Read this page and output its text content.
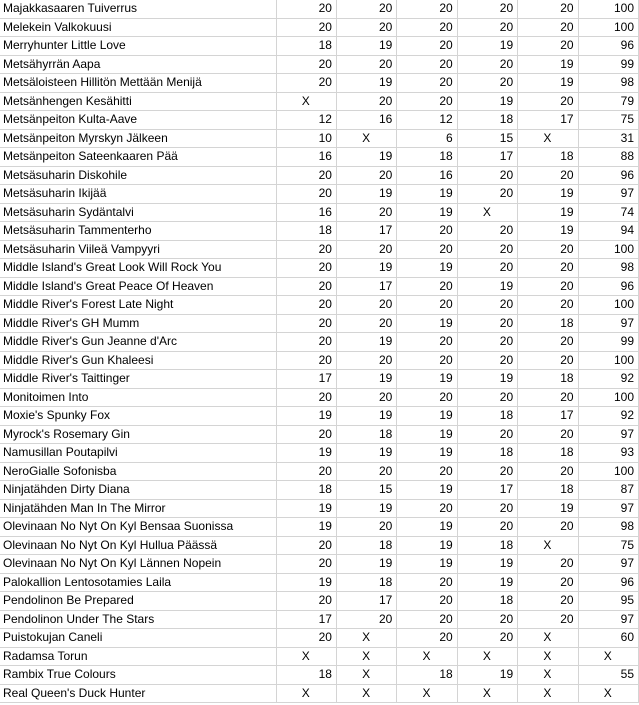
Majakkasaaren Tuiverrus	20	20	20	20	20	100
Melekein Valkokuusi	20	20	20	20	20	100
Merryhunter Little Love	18	19	20	19	20	96
Metsähyrrän Aapa	20	20	20	20	19	99
Metsäloisteen Hillitön Mettään Menijä	20	19	20	20	19	98
Metsänhengen Kesähitti	X	20	20	19	20	79
Metsänpeiton Kulta-Aave	12	16	12	18	17	75
Metsänpeiton Myrskyn Jälkeen	10	X	6	15	X	31
Metsänpeiton Sateenkaaren Pää	16	19	18	17	18	88
Metsäsuharin Diskohile	20	20	16	20	20	96
Metsäsuharin Ikijää	20	19	19	20	19	97
Metsäsuharin Sydäntalvi	16	20	19	X	19	74
Metsäsuharin Tammenterho	18	17	20	20	19	94
Metsäsuharin Viileä Vampyyri	20	20	20	20	20	100
Middle Island's Great Look Will Rock You	20	19	19	20	20	98
Middle Island's Great Peace Of Heaven	20	17	20	19	20	96
Middle River's Forest Late Night	20	20	20	20	20	100
Middle River's GH Mumm	20	20	19	20	18	97
Middle River's Gun Jeanne d'Arc	20	19	20	20	20	99
Middle River's Gun Khaleesi	20	20	20	20	20	100
Middle River's Taittinger	17	19	19	19	18	92
Monitoimen Into	20	20	20	20	20	100
Moxie's Spunky Fox	19	19	19	18	17	92
Myrock's Rosemary Gin	20	18	19	20	20	97
Namusillan Poutapilvi	19	19	19	18	18	93
NeroGialle Sofonisba	20	20	20	20	20	100
Ninjatähden Dirty Diana	18	15	19	17	18	87
Ninjatähden Man In The Mirror	19	19	20	20	19	97
Olevinaan No Nyt On Kyl Bensaa Suonissa	19	20	19	20	20	98
Olevinaan No Nyt On Kyl Hullua Päässä	20	18	19	18	X	75
Olevinaan No Nyt On Kyl Lännen Nopein	20	19	19	19	20	97
Palokallion Lentosotamies Laila	19	18	20	19	20	96
Pendolinon Be Prepared	20	17	20	18	20	95
Pendolinon Under The Stars	17	20	20	20	20	97
Puistokujan Caneli	20	X	20	20	X	60
Radamsa Torun	X	X	X	X	X	X
Rambix True Colours	18	X	18	19	X	55
Real Queen's Duck Hunter	X	X	X	X	X	X
